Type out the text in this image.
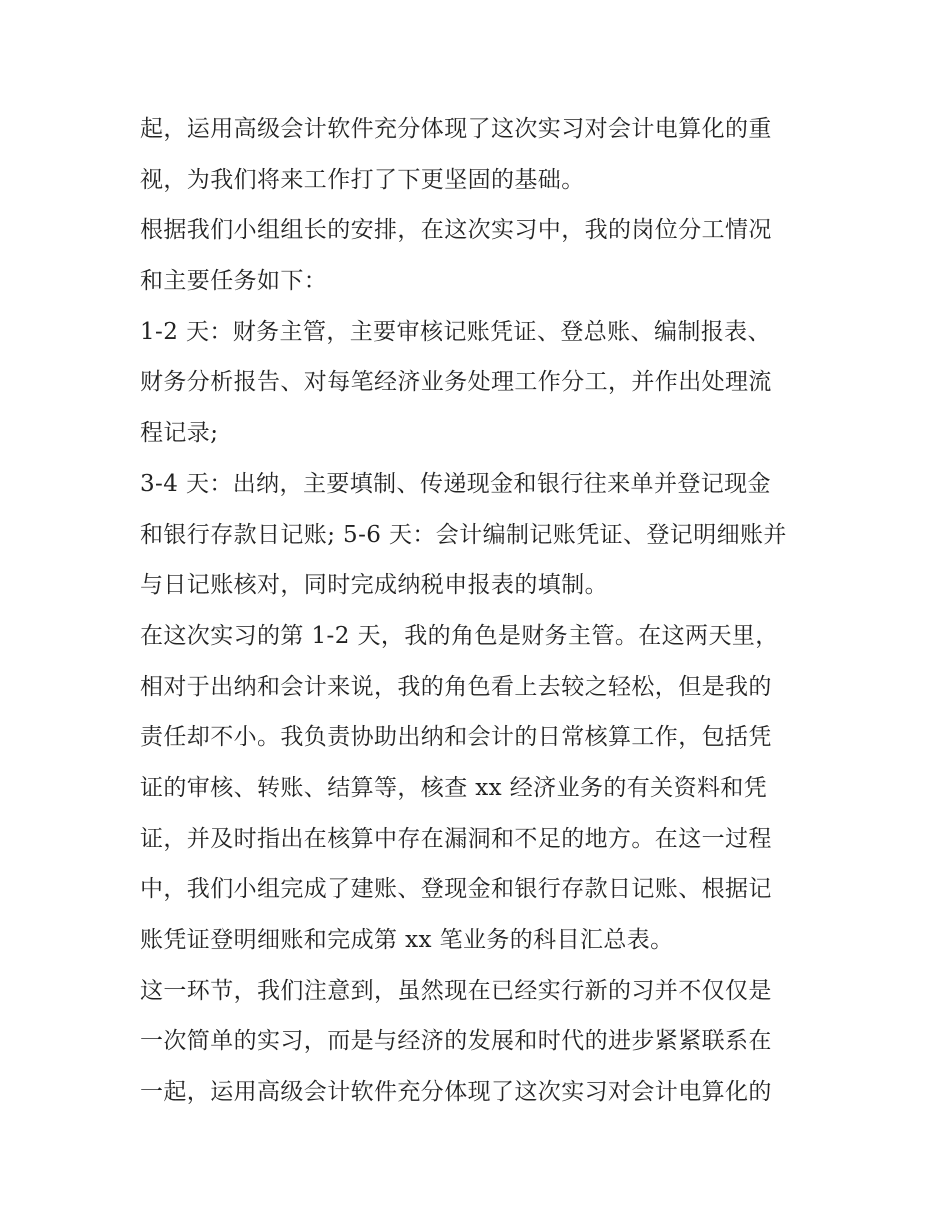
起，运用高级会计软件充分体现了这次实习对会计电算化的重
视，为我们将来工作打了下更坚固的基础。
根据我们小组组长的安排，在这次实习中，我的岗位分工情况
和主要任务如下：
1-2 天：财务主管，主要审核记账凭证、登总账、编制报表、
财务分析报告、对每笔经济业务处理工作分工，并作出处理流
程记录;
3-4 天：出纳，主要填制、传递现金和银行往来单并登记现金
和银行存款日记账; 5-6 天：会计编制记账凭证、登记明细账并
与日记账核对，同时完成纳税申报表的填制。
在这次实习的第 1-2 天，我的角色是财务主管。在这两天里，
相对于出纳和会计来说，我的角色看上去较之轻松，但是我的
责任却不小。我负责协助出纳和会计的日常核算工作，包括凭
证的审核、转账、结算等，核查 xx 经济业务的有关资料和凭
证，并及时指出在核算中存在漏洞和不足的地方。在这一过程
中，我们小组完成了建账、登现金和银行存款日记账、根据记
账凭证登明细账和完成第 xx 笔业务的科目汇总表。
这一环节，我们注意到，虽然现在已经实行新的习并不仅仅是
一次简单的实习，而是与经济的发展和时代的进步紧紧联系在
一起，运用高级会计软件充分体现了这次实习对会计电算化的
